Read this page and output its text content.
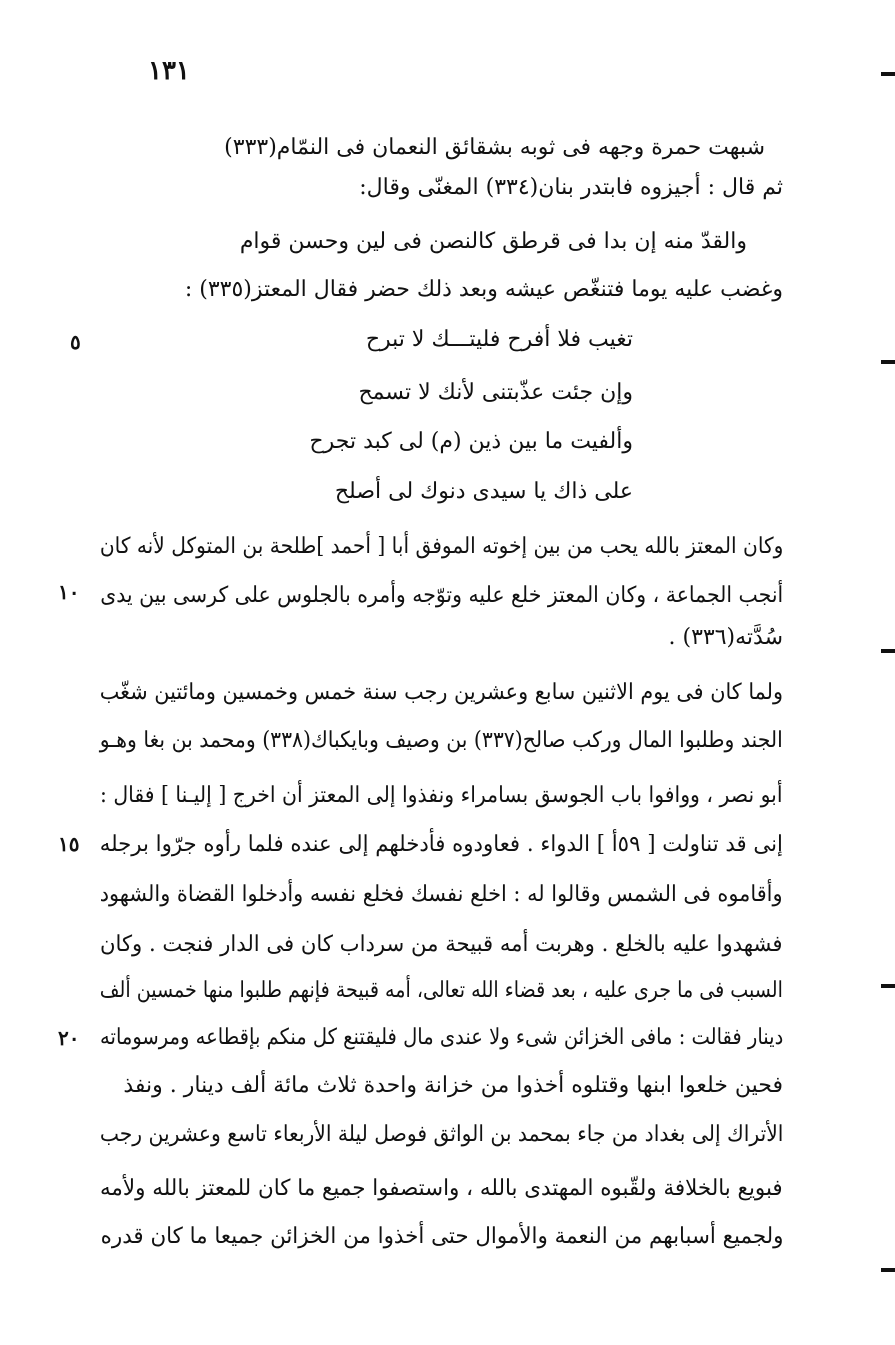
١٣١
٥
١٠
١٥
٢٠
شبهت حمرة وجهه فى ثوبه بشقائق النعمان فى النمّام(٣٣٣)
ثم قال : أجيزوه فابتدر بنان(٣٣٤) المغنّى وقال:
والقدّ منه إن بدا فى قرطق كالنصن فى لين وحسن قوام
وغضب عليه يوما فتنغّص عيشه وبعد ذلك حضر فقال المعتز(٣٣٥) :
تغيب فلا أفرح فليتـــك لا تبرح
وإن جئت عذّبتنى لأنك لا تسمح
وألفيت ما بين ذين (م) لى كبد تجرح
على ذاك يا سيدى دنوك لى أصلح
وكان المعتز بالله يحب من بين إخوته الموفق أبا [ أحمد ]طلحة بن المتوكل لأنه كان
أنجب الجماعة ، وكان المعتز خلع عليه وتوّجه وأمره بالجلوس على كرسى بين يدى
سُدَّته(٣٣٦) .
ولما كان فى يوم الاثنين سابع وعشرين رجب سنة خمس وخمسين ومائتين شغّب
الجند وطلبوا المال وركب صالح(٣٣٧) بن وصيف وبايكباك(٣٣٨) ومحمد بن بغا وهـو
أبو نصر ، ووافوا باب الجوسق بسامراء ونفذوا إلى المعتز أن اخرج [ إليـنا ] فقال :
إنى قد تناولت [ ٥٩أ ] الدواء . فعاودوه فأدخلهم إلى عنده فلما رأوه جرّوا برجله
وأقاموه فى الشمس وقالوا له : اخلع نفسك فخلع نفسه وأدخلوا القضاة والشهود
فشهدوا عليه بالخلع . وهربت أمه قبيحة من سرداب كان فى الدار فنجت . وكان
السبب فى ما جرى عليه ، بعد قضاء الله تعالى، أمه قبيحة فإنهم طلبوا منها خمسين ألف
دينار فقالت : مافى الخزائن شىء ولا عندى مال فليقتنع كل منكم بإقطاعه ومرسوماته
فحين خلعوا ابنها وقتلوه أخذوا من خزانة واحدة ثلاث مائة ألف دينار . ونفذ
الأتراك إلى بغداد من جاء بمحمد بن الواثق فوصل ليلة الأربعاء تاسع وعشرين رجب
فبويع بالخلافة ولقّبوه المهتدى بالله ، واستصفوا جميع ما كان للمعتز بالله ولأمه
ولجميع أسبابهم من النعمة والأموال حتى أخذوا من الخزائن جميعا ما كان قدره
